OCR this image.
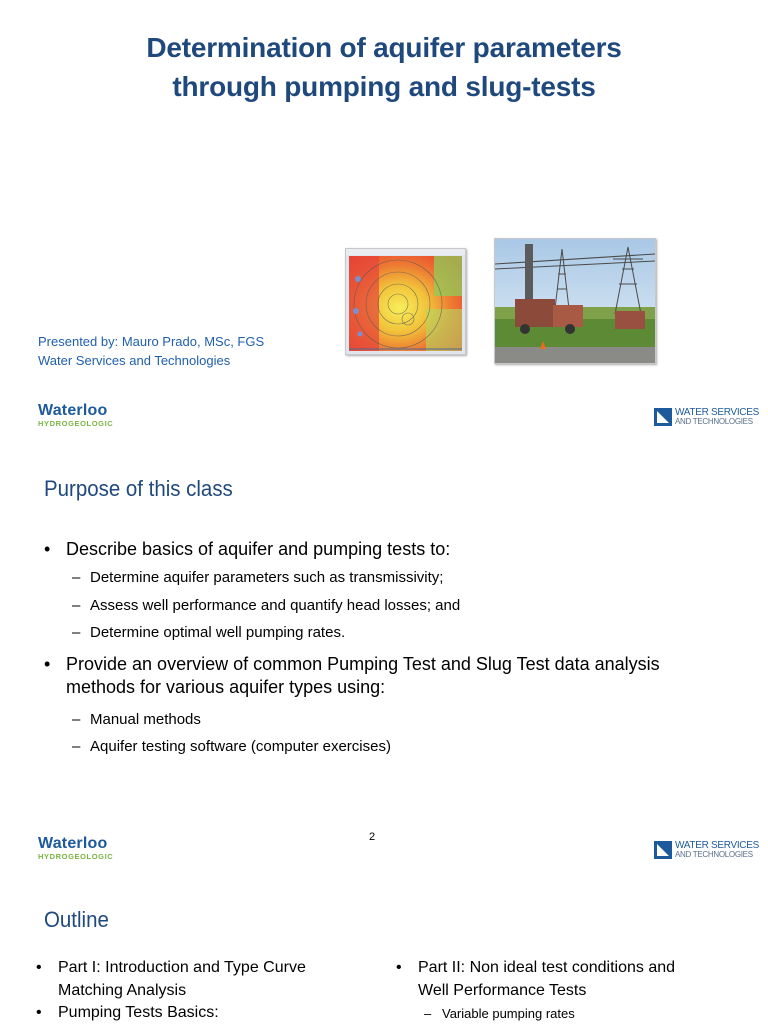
Determination of aquifer parameters
through pumping and slug-tests
Presented by: Mauro Prado, MSc, FGS
Water Services and Technologies
Waterloo
HYDROGEOLOGIC
WATER SERVICES
AND TECHNOLOGIES
Purpose of this class
• Describe basics of aquifer and pumping tests to:
– Determine aquifer parameters such as transmissivity;
– Assess well performance and quantify head losses; and
– Determine optimal well pumping rates.
• Provide an overview of common Pumping Test and Slug Test data analysis
methods for various aquifer types using:
– Manual methods
– Aquifer testing software (computer exercises)
Waterloo
HYDROGEOLOGIC
2
WATER SERVICES
AND TECHNOLOGIES
Outline
• Part I: Introduction and Type Curve
Matching Analysis
• Pumping Tests Basics:
• Part II: Non ideal test conditions and
Well Performance Tests
– Variable pumping rates
